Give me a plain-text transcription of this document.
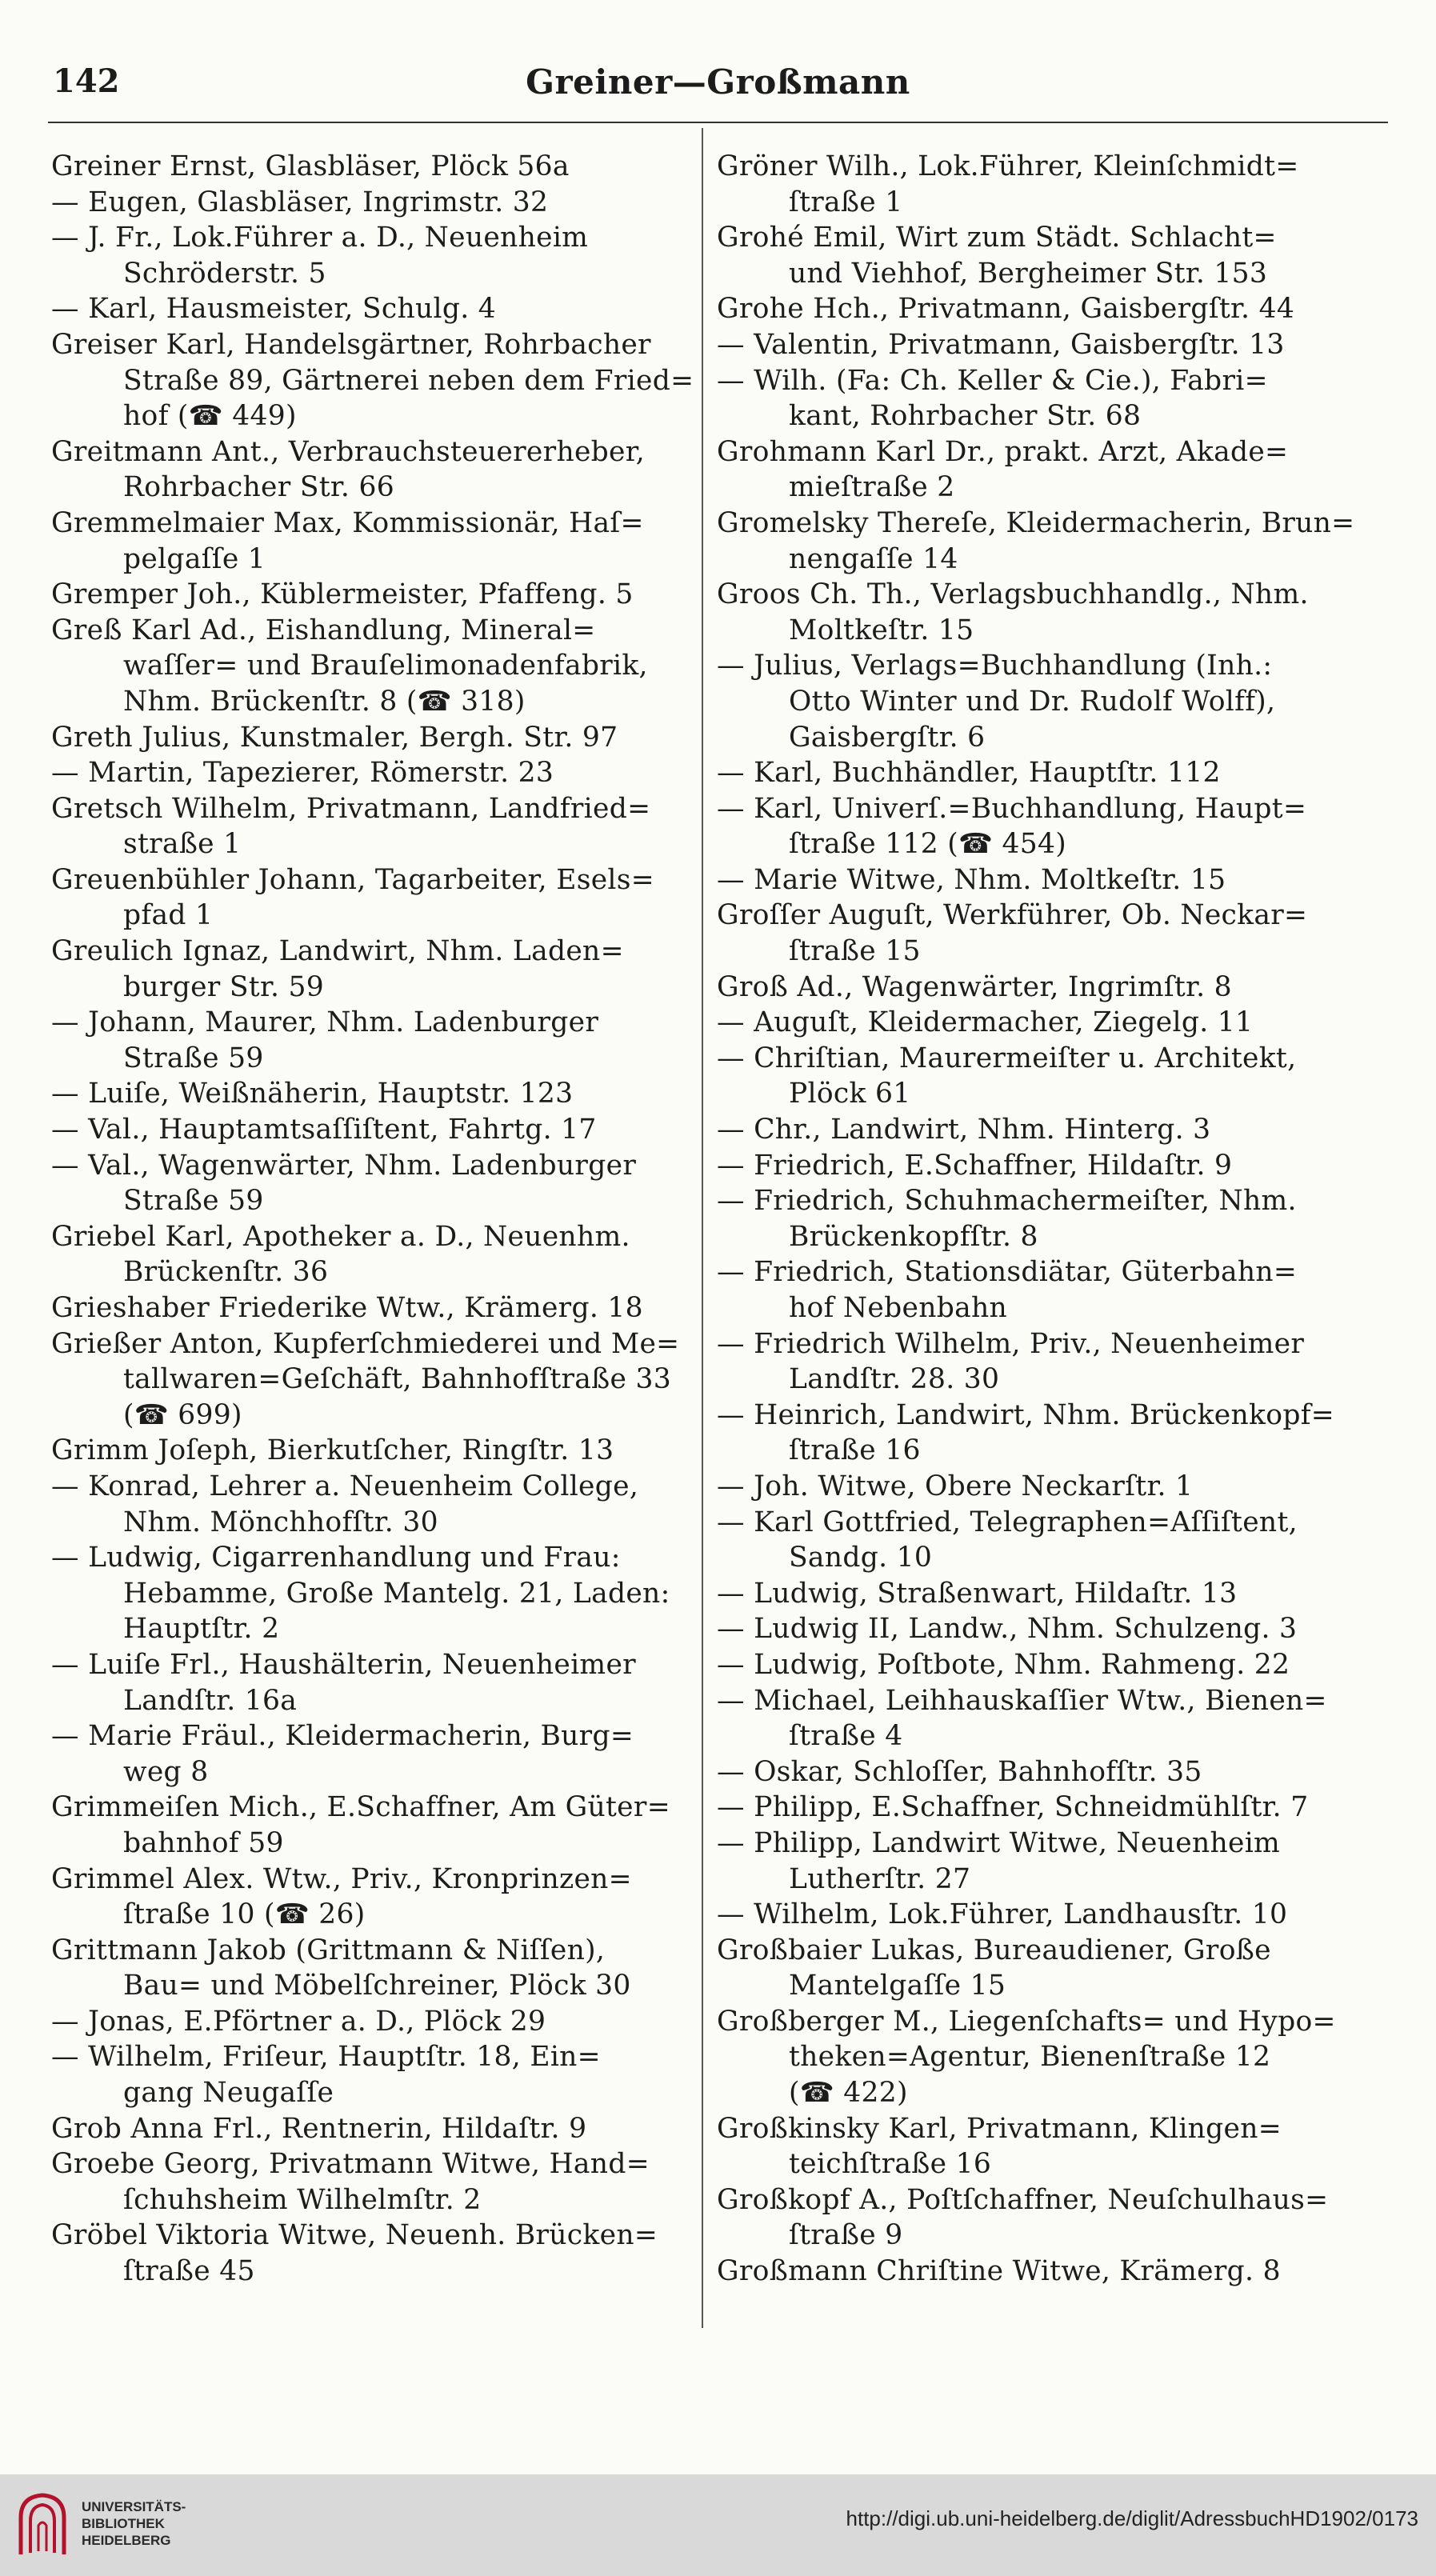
142	Greiner—Großmann
Greiner Ernst, Glasbläser, Plöck 56a
— Eugen, Glasbläser, Ingrimstr. 32
— J. Fr., Lok.Führer a. D., Neuenheim
Schröderstr. 5
— Karl, Hausmeister, Schulg. 4
Greiser Karl, Handelsgärtner, Rohrbacher
Straße 89, Gärtnerei neben dem Fried=
hof (☎ 449)
Greitmann Ant., Verbrauchsteuererheber,
Rohrbacher Str. 66
Gremmelmaier Max, Kommissionär, Haſ=
pelgaſſe 1
Gremper Joh., Küblermeister, Pfaffeng. 5
Greß Karl Ad., Eishandlung, Mineral=
waſſer= und Brauſelimonadenfabrik,
Nhm. Brückenſtr. 8 (☎ 318)
Greth Julius, Kunstmaler, Bergh. Str. 97
— Martin, Tapezierer, Römerstr. 23
Gretsch Wilhelm, Privatmann, Landfried=
straße 1
Greuenbühler Johann, Tagarbeiter, Esels=
pfad 1
Greulich Ignaz, Landwirt, Nhm. Laden=
burger Str. 59
— Johann, Maurer, Nhm. Ladenburger
Straße 59
— Luiſe, Weißnäherin, Hauptstr. 123
— Val., Hauptamtsaſſiſtent, Fahrtg. 17
— Val., Wagenwärter, Nhm. Ladenburger
Straße 59
Griebel Karl, Apotheker a. D., Neuenhm.
Brückenſtr. 36
Grieshaber Friederike Wtw., Krämerg. 18
Grießer Anton, Kupferſchmiederei und Me=
tallwaren=Geſchäft, Bahnhofſtraße 33
(☎ 699)
Grimm Joſeph, Bierkutſcher, Ringſtr. 13
— Konrad, Lehrer a. Neuenheim College,
Nhm. Mönchhofſtr. 30
— Ludwig, Cigarrenhandlung und Frau:
Hebamme, Große Mantelg. 21, Laden:
Hauptſtr. 2
— Luiſe Frl., Haushälterin, Neuenheimer
Landſtr. 16a
— Marie Fräul., Kleidermacherin, Burg=
weg 8
Grimmeiſen Mich., E.Schaffner, Am Güter=
bahnhof 59
Grimmel Alex. Wtw., Priv., Kronprinzen=
ſtraße 10 (☎ 26)
Grittmann Jakob (Grittmann & Niſſen),
Bau= und Möbelſchreiner, Plöck 30
— Jonas, E.Pförtner a. D., Plöck 29
— Wilhelm, Friſeur, Hauptſtr. 18, Ein=
gang Neugaſſe
Grob Anna Frl., Rentnerin, Hildaſtr. 9
Groebe Georg, Privatmann Witwe, Hand=
ſchuhsheim Wilhelmſtr. 2
Gröbel Viktoria Witwe, Neuenh. Brücken=
ſtraße 45
Gröner Wilh., Lok.Führer, Kleinſchmidt=
ſtraße 1
Grohé Emil, Wirt zum Städt. Schlacht=
und Viehhof, Bergheimer Str. 153
Grohe Hch., Privatmann, Gaisbergſtr. 44
— Valentin, Privatmann, Gaisbergſtr. 13
— Wilh. (Fa: Ch. Keller & Cie.), Fabri=
kant, Rohrbacher Str. 68
Grohmann Karl Dr., prakt. Arzt, Akade=
mieſtraße 2
Gromelsky Thereſe, Kleidermacherin, Brun=
nengaſſe 14
Groos Ch. Th., Verlagsbuchhandlg., Nhm.
Moltkeſtr. 15
— Julius, Verlags=Buchhandlung (Inh.:
Otto Winter und Dr. Rudolf Wolff),
Gaisbergſtr. 6
— Karl, Buchhändler, Hauptſtr. 112
— Karl, Univerſ.=Buchhandlung, Haupt=
ſtraße 112 (☎ 454)
— Marie Witwe, Nhm. Moltkeſtr. 15
Groſſer Auguſt, Werkführer, Ob. Neckar=
ſtraße 15
Groß Ad., Wagenwärter, Ingrimſtr. 8
— Auguſt, Kleidermacher, Ziegelg. 11
— Chriſtian, Maurermeiſter u. Architekt,
Plöck 61
— Chr., Landwirt, Nhm. Hinterg. 3
— Friedrich, E.Schaffner, Hildaſtr. 9
— Friedrich, Schuhmachermeiſter, Nhm.
Brückenkopfſtr. 8
— Friedrich, Stationsdiätar, Güterbahn=
hof Nebenbahn
— Friedrich Wilhelm, Priv., Neuenheimer
Landſtr. 28. 30
— Heinrich, Landwirt, Nhm. Brückenkopf=
ſtraße 16
— Joh. Witwe, Obere Neckarſtr. 1
— Karl Gottfried, Telegraphen=Aſſiſtent,
Sandg. 10
— Ludwig, Straßenwart, Hildaſtr. 13
— Ludwig II, Landw., Nhm. Schulzeng. 3
— Ludwig, Poſtbote, Nhm. Rahmeng. 22
— Michael, Leihhauskaſſier Wtw., Bienen=
ſtraße 4
— Oskar, Schloſſer, Bahnhofſtr. 35
— Philipp, E.Schaffner, Schneidmühlſtr. 7
— Philipp, Landwirt Witwe, Neuenheim
Lutherſtr. 27
— Wilhelm, Lok.Führer, Landhausſtr. 10
Großbaier Lukas, Bureaudiener, Große
Mantelgaſſe 15
Großberger M., Liegenſchafts= und Hypo=
theken=Agentur, Bienenſtraße 12
(☎ 422)
Großkinsky Karl, Privatmann, Klingen=
teichſtraße 16
Großkopf A., Poſtſchaffner, Neuſchulhaus=
ſtraße 9
Großmann Chriſtine Witwe, Krämerg. 8
UNIVERSITÄTS-
BIBLIOTHEK
HEIDELBERG
http://digi.ub.uni-heidelberg.de/diglit/AdressbuchHD1902/0173
